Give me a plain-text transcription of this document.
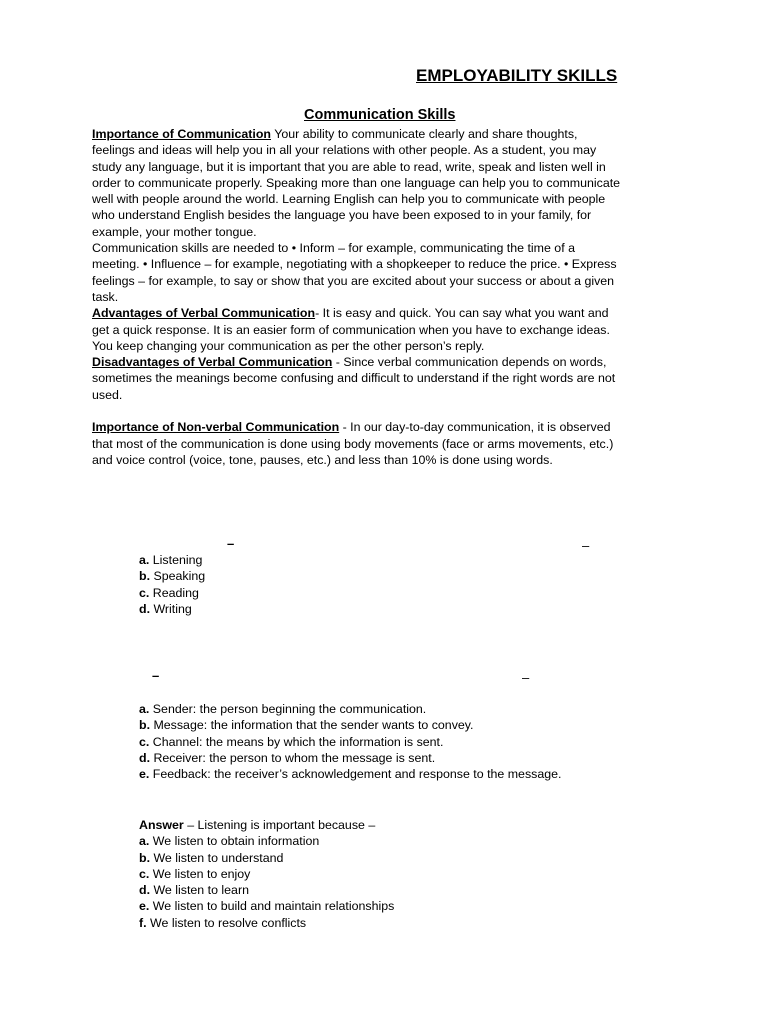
EMPLOYABILITY SKILLS
Communication Skills

Importance of Communication Your ability to communicate clearly and share thoughts, feelings and ideas will help you in all your relations with other people. As a student, you may study any language, but it is important that you are able to read, write, speak and listen well in order to communicate properly. Speaking more than one language can help you to communicate well with people around the world. Learning English can help you to communicate with people who understand English besides the language you have been exposed to in your family, for example, your mother tongue.

Communication skills are needed to • Inform – for example, communicating the time of a meeting. • Influence – for example, negotiating with a shopkeeper to reduce the price. • Express feelings – for example, to say or show that you are excited about your success or about a given task.

Advantages of Verbal Communication- It is easy and quick. You can say what you want and get a quick response. It is an easier form of communication when you have to exchange ideas. You keep changing your communication as per the other person’s reply.

Disadvantages of Verbal Communication - Since verbal communication depends on words, sometimes the meanings become confusing and difficult to understand if the right words are not used.

Importance of Non-verbal Communication - In our day-to-day communication, it is observed that most of the communication is done using body movements (face or arms movements, etc.) and voice control (voice, tone, pauses, etc.) and less than 10% is done using words.

–	–
a. Listening
b. Speaking
c. Reading
d. Writing
–	–
a. Sender: the person beginning the communication.
b. Message: the information that the sender wants to convey.
c. Channel: the means by which the information is sent.
d. Receiver: the person to whom the message is sent.
e. Feedback: the receiver’s acknowledgement and response to the message.
Answer – Listening is important because –
a. We listen to obtain information
b. We listen to understand
c. We listen to enjoy
d. We listen to learn
e. We listen to build and maintain relationships
f. We listen to resolve conflicts
